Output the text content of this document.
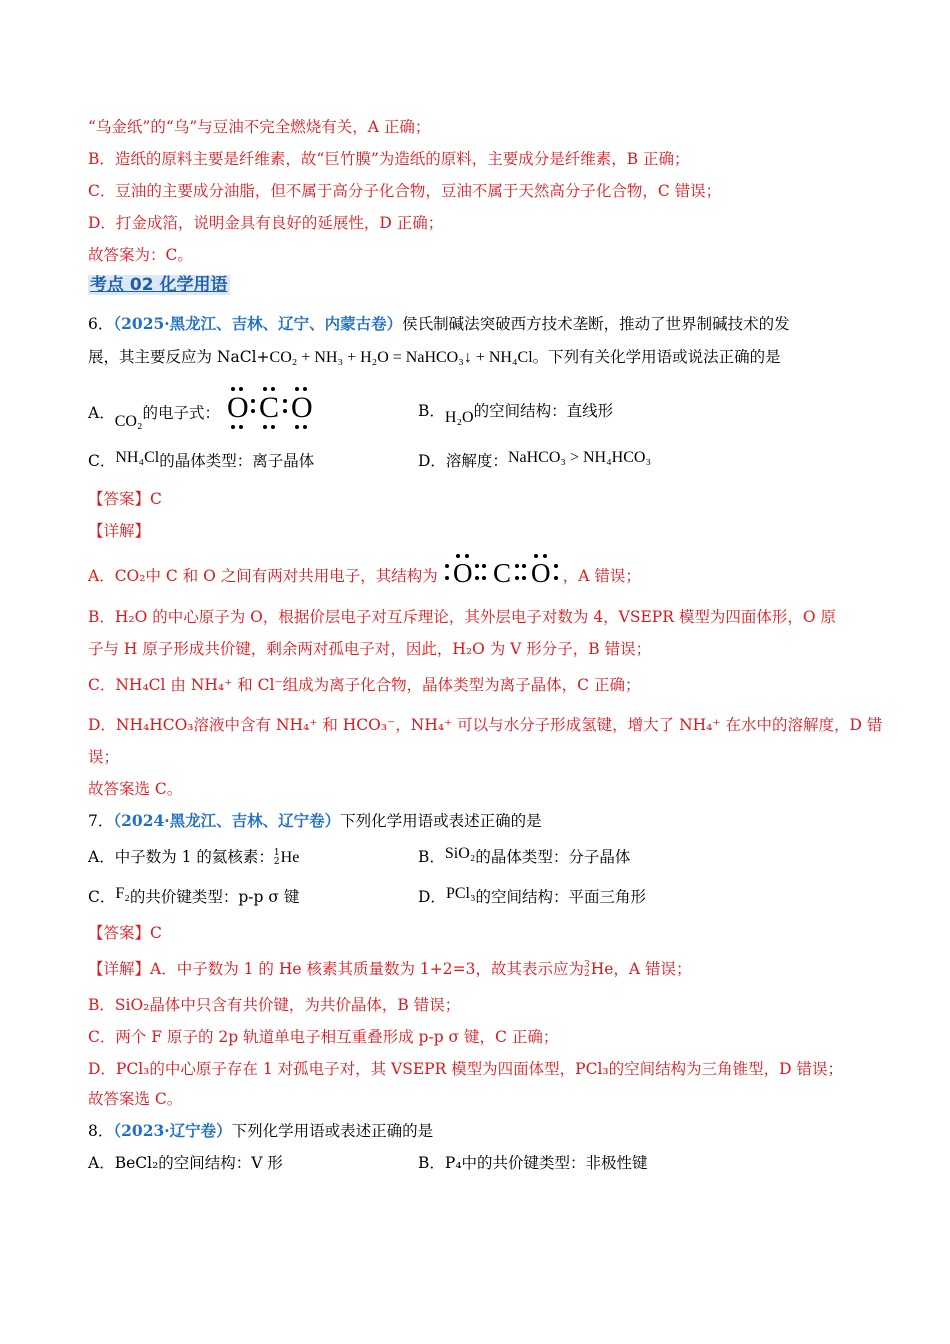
“乌金纸”的“乌”与豆油不完全燃烧有关，A 正确；
B．造纸的原料主要是纤维素，故“巨竹膜”为造纸的原料，主要成分是纤维素，B 正确；
C．豆油的主要成分油脂，但不属于高分子化合物，豆油不属于天然高分子化合物，C 错误；
D．打金成箔，说明金具有良好的延展性，D 正确；
故答案为：C。
考点 02 化学用语
6．（2025·黑龙江、吉林、辽宁、内蒙古卷）侯氏制碱法突破西方技术垄断，推动了世界制碱技术的发
展，其主要反应为 NaCl+CO₂ + NH₃ + H₂O = NaHCO₃↓ + NH₄Cl。下列有关化学用语或说法正确的是
A．CO₂的电子式： O C O	B．H₂O的空间结构：直线形
C．NH₄Cl的晶体类型：离子晶体	D．溶解度：NaHCO₃ > NH₄HCO₃
【答案】C
【详解】
A．CO₂中 C 和 O 之间有两对共用电子，其结构为 O C O ，A 错误；
B．H₂O 的中心原子为 O，根据价层电子对互斥理论，其外层电子对数为 4，VSEPR 模型为四面体形，O 原
子与 H 原子形成共价键，剩余两对孤电子对，因此，H₂O 为 V 形分子，B 错误；
C．NH₄Cl 由 NH₄⁺ 和 Cl⁻组成为离子化合物，晶体类型为离子晶体，C 正确；
D．NH₄HCO₃溶液中含有 NH₄⁺ 和 HCO₃⁻，NH₄⁺ 可以与水分子形成氢键，增大了 NH₄⁺ 在水中的溶解度，D 错
误；
故答案选 C。
7．（2024·黑龙江、吉林、辽宁卷）下列化学用语或表述正确的是
A．中子数为 1 的氦核素：1
2He	B．SiO₂的晶体类型：分子晶体
C．F₂的共价键类型：p-p σ 键	D．PCl₃的空间结构：平面三角形
【答案】C
【详解】A．中子数为 1 的 He 核素其质量数为 1+2=3，故其表示应为3
2He，A 错误；
B．SiO₂晶体中只含有共价键，为共价晶体，B 错误；
C．两个 F 原子的 2p 轨道单电子相互重叠形成 p-p σ 键，C 正确；
D．PCl₃的中心原子存在 1 对孤电子对，其 VSEPR 模型为四面体型，PCl₃的空间结构为三角锥型，D 错误；
故答案选 C。
8．（2023·辽宁卷）下列化学用语或表述正确的是
A．BeCl₂的空间结构：V 形	B．P₄中的共价键类型：非极性键
